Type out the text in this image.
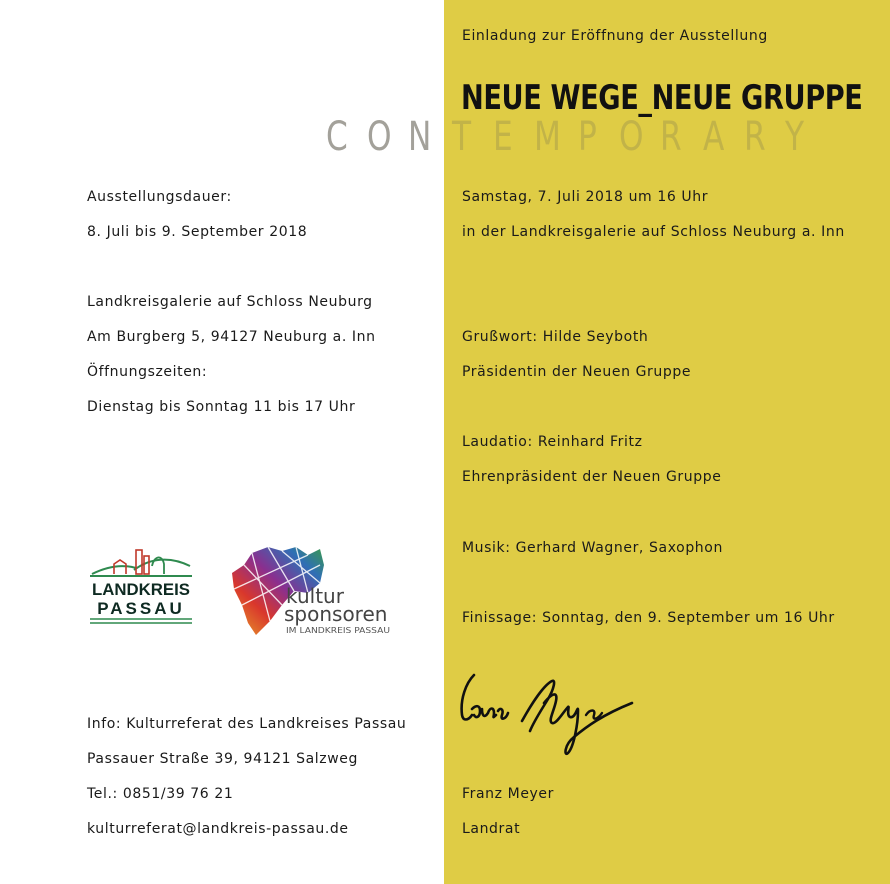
Einladung zur Eröffnung der Ausstellung
NEUE WEGE_NEUE GRUPPE
C O N T E M P O R A R Y
Samstag, 7. Juli 2018 um 16 Uhr
in der Landkreisgalerie auf Schloss Neuburg a. Inn
Grußwort: Hilde Seyboth
Präsidentin der Neuen Gruppe
Laudatio: Reinhard Fritz
Ehrenpräsident der Neuen Gruppe
Musik: Gerhard Wagner, Saxophon
Finissage: Sonntag, den 9. September um 16 Uhr
Franz Meyer
Landrat
Ausstellungsdauer:
8. Juli bis 9. September 2018
Landkreisgalerie auf Schloss Neuburg
Am Burgberg 5, 94127 Neuburg a. Inn
Öffnungszeiten:
Dienstag bis Sonntag 11 bis 17 Uhr
LANDKREIS
PASSAU
kultur
sponsoren
IM LANDKREIS PASSAU
Info: Kulturreferat des Landkreises Passau
Passauer Straße 39, 94121 Salzweg
Tel.: 0851/39 76 21
kulturreferat@landkreis-passau.de
